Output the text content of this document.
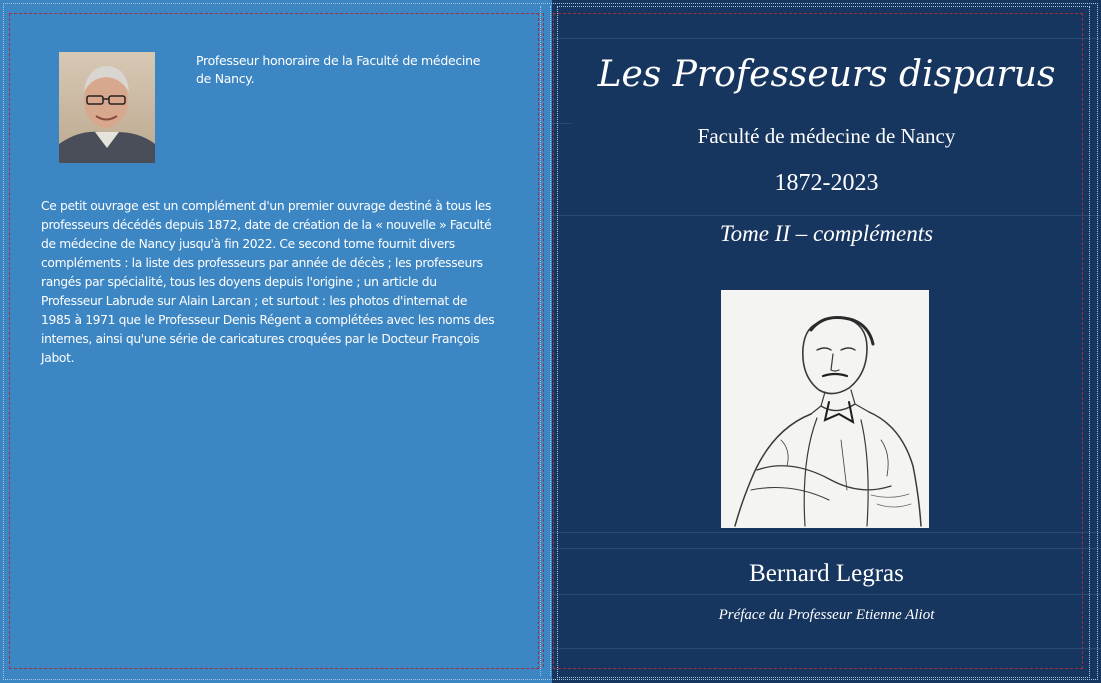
Professeur honoraire de la Faculté de médecine de Nancy.
Ce petit ouvrage est un complément d'un premier ouvrage destiné à tous les professeurs décédés depuis 1872, date de création de la « nouvelle » Faculté de médecine de Nancy jusqu'à fin 2022. Ce second tome fournit divers compléments : la liste des professeurs par année de décès ; les professeurs rangés par spécialité, tous les doyens depuis l'origine ; un article du Professeur Labrude sur Alain Larcan ; et surtout : les photos d'internat de 1985 à 1971 que le Professeur Denis Régent a complétées avec les noms des internes, ainsi qu'une série de caricatures croquées par le Docteur François Jabot.
Les Professeurs disparus
Faculté de médecine de Nancy
1872-2023
Tome II – compléments
Bernard Legras
Préface du Professeur Etienne Aliot
